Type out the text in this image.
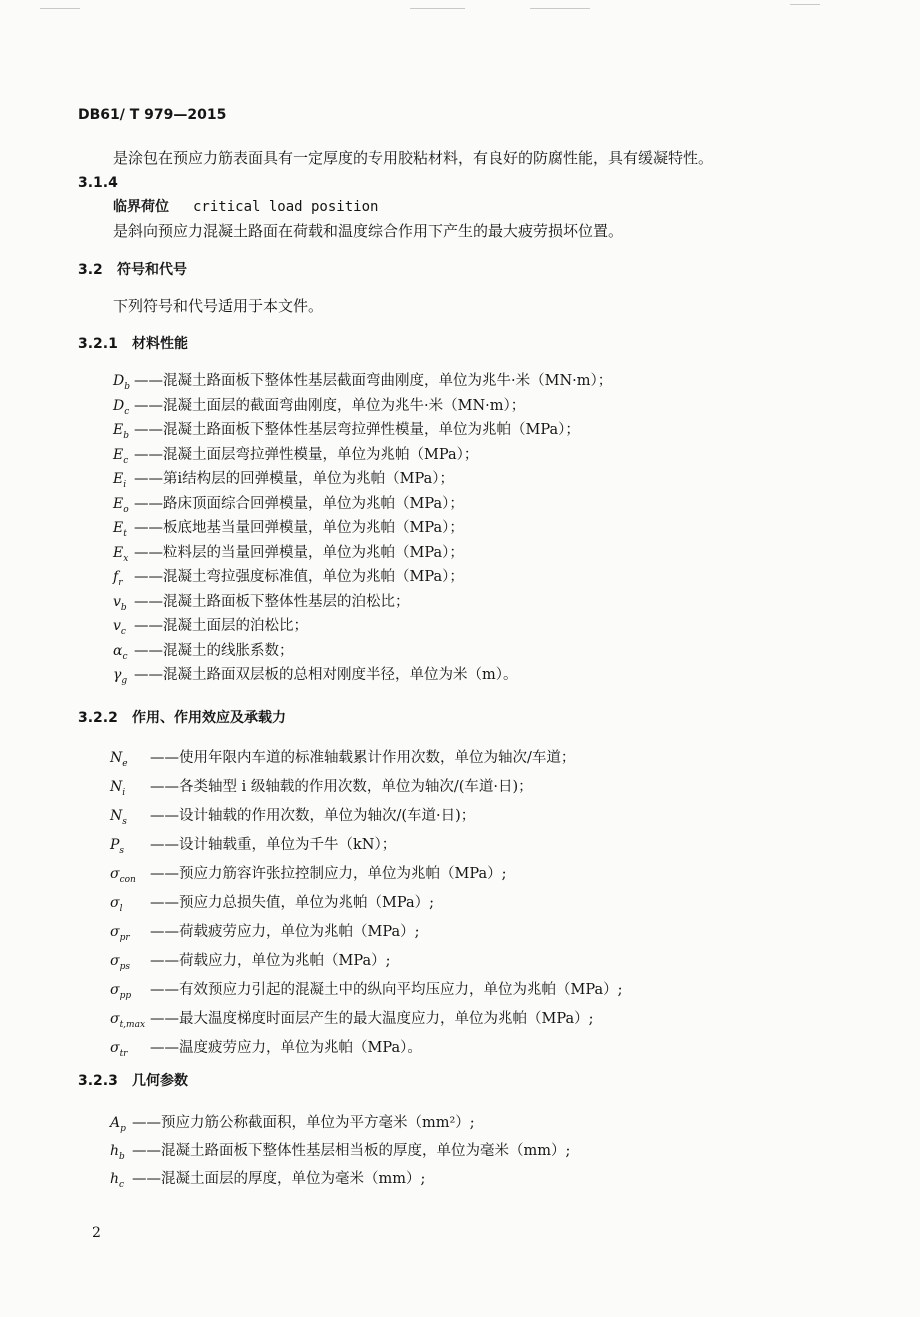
DB61/ T 979—2015
是涂包在预应力筋表面具有一定厚度的专用胶粘材料，有良好的防腐性能，具有缓凝特性。
3.1.4
临界荷位 critical load position
是斜向预应力混凝土路面在荷载和温度综合作用下产生的最大疲劳损坏位置。
3.2 符号和代号
下列符号和代号适用于本文件。
3.2.1 材料性能
$D_b$ ——混凝土路面板下整体性基层截面弯曲刚度，单位为兆牛·米（MN·m）；
$D_c$ ——混凝土面层的截面弯曲刚度，单位为兆牛·米（MN·m）；
$E_b$ ——混凝土路面板下整体性基层弯拉弹性模量，单位为兆帕（MPa）；
$E_c$ ——混凝土面层弯拉弹性模量，单位为兆帕（MPa）；
$E_i$ ——第i结构层的回弹模量，单位为兆帕（MPa）；
$E_o$ ——路床顶面综合回弹模量，单位为兆帕（MPa）；
$E_t$ ——板底地基当量回弹模量，单位为兆帕（MPa）；
$E_x$ ——粒料层的当量回弹模量，单位为兆帕（MPa）；
$f_r$ ——混凝土弯拉强度标准值，单位为兆帕（MPa）；
$v_b$ ——混凝土路面板下整体性基层的泊松比；
$v_c$ ——混凝土面层的泊松比；
$\alpha_c$ ——混凝土的线胀系数；
$\gamma_g$ ——混凝土路面双层板的总相对刚度半径，单位为米（m）。
3.2.2 作用、作用效应及承载力
$N_e$	——使用年限内车道的标准轴载累计作用次数，单位为轴次/车道；
$N_i$	——各类轴型 i 级轴载的作用次数，单位为轴次/(车道·日)；
$N_s$	——设计轴载的作用次数，单位为轴次/(车道·日)；
$P_s$	——设计轴载重，单位为千牛（kN）；
$\sigma_{con}$ ——预应力筋容许张拉控制应力，单位为兆帕（MPa）;
$\sigma_l$	——预应力总损失值，单位为兆帕（MPa）;
$\sigma_{pr}$	——荷载疲劳应力，单位为兆帕（MPa）;
$\sigma_{ps}$	——荷载应力，单位为兆帕（MPa）;
$\sigma_{pp}$	——有效预应力引起的混凝土中的纵向平均压应力，单位为兆帕（MPa）;
$\sigma_{t,max}$ ——最大温度梯度时面层产生的最大温度应力，单位为兆帕（MPa）;
$\sigma_{tr}$	——温度疲劳应力，单位为兆帕（MPa）。
3.2.3 几何参数
$A_p$ ——预应力筋公称截面积，单位为平方毫米（mm²）;
$h_b$ ——混凝土路面板下整体性基层相当板的厚度，单位为毫米（mm）;
$h_c$ ——混凝土面层的厚度，单位为毫米（mm）;
2
